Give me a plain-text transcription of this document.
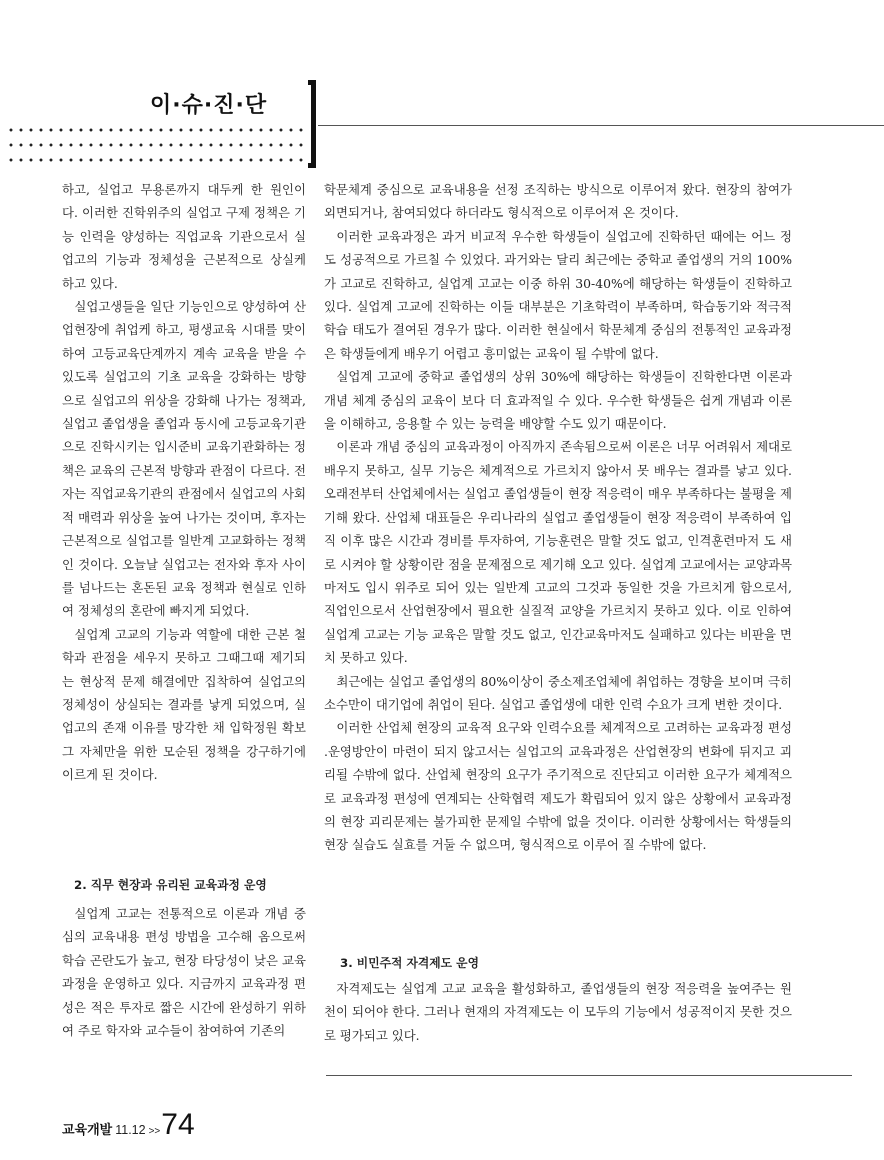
이·슈·진·단

하고, 실업고 무용론까지 대두케 한 원인이 다. 이러한 진학위주의 실업고 구제 정책은 기능 인력을 양성하는 직업교육 기관으로서 실업고의 기능과 정체성을 근본적으로 상실케 하고 있다.

실업고생들을 일단 기능인으로 양성하여 산업현장에 취업케 하고, 평생교육 시대를 맞이하여 고등교육단계까지 계속 교육을 받을 수 있도록 실업고의 기초 교육을 강화하는 방향으로 실업고의 위상을 강화해 나가는 정책과, 실업고 졸업생을 졸업과 동시에 고등교육기관으로 진학시키는 입시준비 교육기관화하는 정책은 교육의 근본적 방향과 관점이 다르다. 전자는 직업교육기관의 관점에서 실업고의 사회적 매력과 위상을 높여 나가는 것이며, 후자는 근본적으로 실업고를 일반계 고교화하는 정책인 것이다. 오늘날 실업고는 전자와 후자 사이를 넘나드는 혼돈된 교육 정책과 현실로 인하여 정체성의 혼란에 빠지게 되었다.

실업계 고교의 기능과 역할에 대한 근본 철학과 관점을 세우지 못하고 그때그때 제기되는 현상적 문제 해결에만 집착하여 실업고의 정체성이 상실되는 결과를 낳게 되었으며, 실업고의 존재 이유를 망각한 채 입학정원 확보 그 자체만을 위한 모순된 정책을 강구하기에 이르게 된 것이다.

2. 직무 현장과 유리된 교육과정 운영

실업계 고교는 전통적으로 이론과 개념 중심의 교육내용 편성 방법을 고수해 옴으로써 학습 곤란도가 높고, 현장 타당성이 낮은 교육과정을 운영하고 있다. 지금까지 교육과정 편성은 적은 투자로 짧은 시간에 완성하기 위하여 주로 학자와 교수들이 참여하여 기존의

학문체계 중심으로 교육내용을 선정 조직하는 방식으로 이루어져 왔다. 현장의 참여가 외면되거나, 참여되었다 하더라도 형식적으로 이루어져 온 것이다.

이러한 교육과정은 과거 비교적 우수한 학생들이 실업고에 진학하던 때에는 어느 정도 성공적으로 가르칠 수 있었다. 과거와는 달리 최근에는 중학교 졸업생의 거의 100%가 고교로 진학하고, 실업계 고교는 이중 하위 30-40%에 해당하는 학생들이 진학하고 있다. 실업계 고교에 진학하는 이들 대부분은 기초학력이 부족하며, 학습동기와 적극적 학습 태도가 결여된 경우가 많다. 이러한 현실에서 학문체계 중심의 전통적인 교육과정은 학생들에게 배우기 어렵고 흥미없는 교육이 될 수밖에 없다.

실업계 고교에 중학교 졸업생의 상위 30%에 해당하는 학생들이 진학한다면 이론과 개념 체계 중심의 교육이 보다 더 효과적일 수 있다. 우수한 학생들은 쉽게 개념과 이론을 이해하고, 응용할 수 있는 능력을 배양할 수도 있기 때문이다.

이론과 개념 중심의 교육과정이 아직까지 존속됨으로써 이론은 너무 어려워서 제대로 배우지 못하고, 실무 기능은 체계적으로 가르치지 않아서 못 배우는 결과를 낳고 있다. 오래전부터 산업체에서는 실업고 졸업생들이 현장 적응력이 매우 부족하다는 불평을 제기해 왔다. 산업체 대표들은 우리나라의 실업고 졸업생들이 현장 적응력이 부족하여 입직 이후 많은 시간과 경비를 투자하여, 기능훈련은 말할 것도 없고, 인격훈련마저 도 새로 시켜야 할 상황이란 점을 문제점으로 제기해 오고 있다. 실업계 고교에서는 교양과목마저도 입시 위주로 되어 있는 일반계 고교의 그것과 동일한 것을 가르치게 함으로서, 직업인으로서 산업현장에서 필요한 실질적 교양을 가르치지 못하고 있다. 이로 인하여 실업계 고교는 기능 교육은 말할 것도 없고, 인간교육마저도 실패하고 있다는 비판을 면치 못하고 있다.

최근에는 실업고 졸업생의 80%이상이 중소제조업체에 취업하는 경향을 보이며 극히 소수만이 대기업에 취업이 된다. 실업고 졸업생에 대한 인력 수요가 크게 변한 것이다.

이러한 산업체 현장의 교육적 요구와 인력수요를 체계적으로 고려하는 교육과정 편성 .운영방안이 마련이 되지 않고서는 실업고의 교육과정은 산업현장의 변화에 뒤지고 괴리될 수밖에 없다. 산업체 현장의 요구가 주기적으로 진단되고 이러한 요구가 체계적으로 교육과정 편성에 연계되는 산학협력 제도가 확립되어 있지 않은 상황에서 교육과정의 현장 괴리문제는 불가피한 문제일 수밖에 없을 것이다. 이러한 상황에서는 학생들의 현장 실습도 실효를 거둘 수 없으며, 형식적으로 이루어 질 수밖에 없다.

3. 비민주적 자격제도 운영

자격제도는 실업계 고교 교육을 활성화하고, 졸업생들의 현장 적응력을 높여주는 원천이 되어야 한다. 그러나 현재의 자격제도는 이 모두의 기능에서 성공적이지 못한 것으로 평가되고 있다.

교육개발 11.12 >>74
